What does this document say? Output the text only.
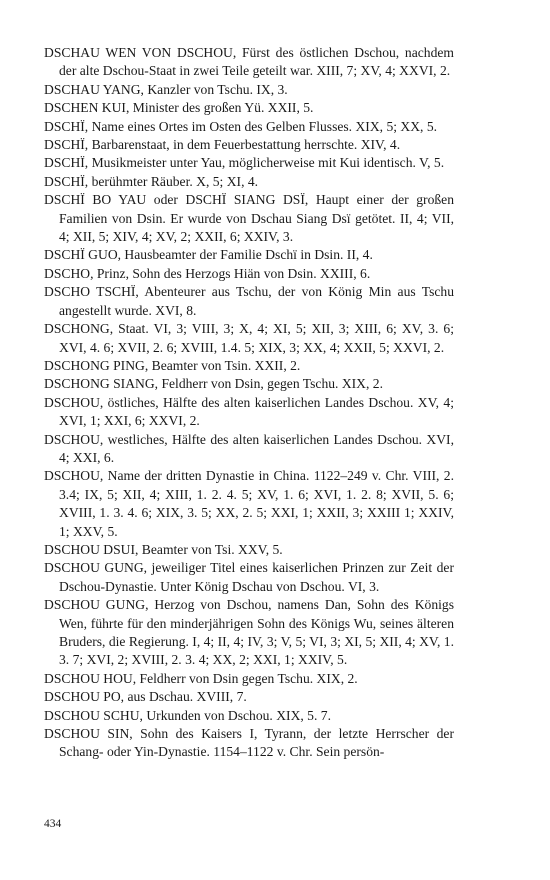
DSCHAU WEN VON DSCHOU, Fürst des östlichen Dschou, nachdem der alte Dschou-Staat in zwei Teile geteilt war. XIII, 7; XV, 4; XXVI, 2.

DSCHAU YANG, Kanzler von Tschu. IX, 3.

DSCHEN KUI, Minister des großen Yü. XXII, 5.

DSCHÏ, Name eines Ortes im Osten des Gelben Flusses. XIX, 5; XX, 5.

DSCHÏ, Barbarenstaat, in dem Feuerbestattung herrschte. XIV, 4.

DSCHÏ, Musikmeister unter Yau, möglicherweise mit Kui identisch. V, 5.

DSCHÏ, berühmter Räuber. X, 5; XI, 4.

DSCHÏ BO YAU oder DSCHÏ SIANG DSÏ, Haupt einer der großen Familien von Dsin. Er wurde von Dschau Siang Dsï getötet. II, 4; VII, 4; XII, 5; XIV, 4; XV, 2; XXII, 6; XXIV, 3.

DSCHÏ GUO, Hausbeamter der Familie Dschï in Dsin. II, 4.

DSCHO, Prinz, Sohn des Herzogs Hiän von Dsin. XXIII, 6.

DSCHO TSCHÏ, Abenteurer aus Tschu, der von König Min aus Tschu angestellt wurde. XVI, 8.

DSCHONG, Staat. VI, 3; VIII, 3; X, 4; XI, 5; XII, 3; XIII, 6; XV, 3. 6; XVI, 4. 6; XVII, 2. 6; XVIII, 1.4. 5; XIX, 3; XX, 4; XXII, 5; XXVI, 2.

DSCHONG PING, Beamter von Tsin. XXII, 2.

DSCHONG SIANG, Feldherr von Dsin, gegen Tschu. XIX, 2.

DSCHOU, östliches, Hälfte des alten kaiserlichen Landes Dschou. XV, 4; XVI, 1; XXI, 6; XXVI, 2.

DSCHOU, westliches, Hälfte des alten kaiserlichen Landes Dschou. XVI, 4; XXI, 6.

DSCHOU, Name der dritten Dynastie in China. 1122–249 v. Chr. VIII, 2. 3.4; IX, 5; XII, 4; XIII, 1. 2. 4. 5; XV, 1. 6; XVI, 1. 2. 8; XVII, 5. 6; XVIII, 1. 3. 4. 6; XIX, 3. 5; XX, 2. 5; XXI, 1; XXII, 3; XXIII 1; XXIV, 1; XXV, 5.

DSCHOU DSUI, Beamter von Tsi. XXV, 5.

DSCHOU GUNG, jeweiliger Titel eines kaiserlichen Prinzen zur Zeit der Dschou-Dynastie. Unter König Dschau von Dschou. VI, 3.

DSCHOU GUNG, Herzog von Dschou, namens Dan, Sohn des Königs Wen, führte für den minderjährigen Sohn des Königs Wu, seines älteren Bruders, die Regierung. I, 4; II, 4; IV, 3; V, 5; VI, 3; XI, 5; XII, 4; XV, 1. 3. 7; XVI, 2; XVIII, 2. 3. 4; XX, 2; XXI, 1; XXIV, 5.

DSCHOU HOU, Feldherr von Dsin gegen Tschu. XIX, 2.

DSCHOU PO, aus Dschau. XVIII, 7.

DSCHOU SCHU, Urkunden von Dschou. XIX, 5. 7.

DSCHOU SIN, Sohn des Kaisers I, Tyrann, der letzte Herrscher der Schang- oder Yin-Dynastie. 1154–1122 v. Chr. Sein persön-

434
